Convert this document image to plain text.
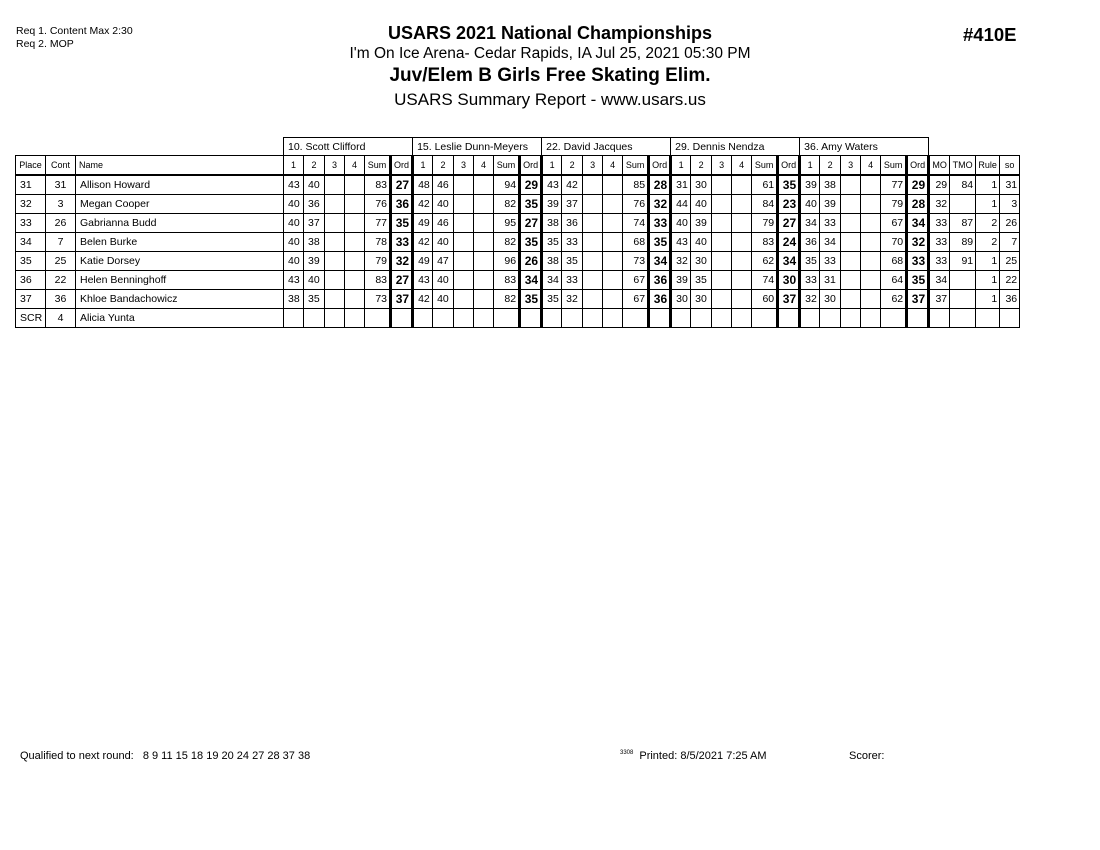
Req 1. Content Max 2:30
Req 2. MOP
USARS 2021 National Championships
I'm On Ice Arena- Cedar Rapids, IA Jul 25, 2021 05:30 PM
Juv/Elem B Girls Free Skating Elim.
USARS Summary Report - www.usars.us
#410E
			10. Scott Clifford						15. Leslie Dunn-Meyers						22. David Jacques						29. Dennis Nendza						36. Amy Waters									
Place	Cont	Name	1	2	3	4	Sum	Ord	1	2	3	4	Sum	Ord	1	2	3	4	Sum	Ord	1	2	3	4	Sum	Ord	1	2	3	4	Sum	Ord	MO	TMO	Rule	so
31	31	Allison Howard	43	40			83	27	48	46			94	29	43	42			85	28	31	30			61	35	39	38			77	29	29	84	1	31
32	3	Megan Cooper	40	36			76	36	42	40			82	35	39	37			76	32	44	40			84	23	40	39			79	28	32		1	3
33	26	Gabrianna Budd	40	37			77	35	49	46			95	27	38	36			74	33	40	39			79	27	34	33			67	34	33	87	2	26
34	7	Belen Burke	40	38			78	33	42	40			82	35	35	33			68	35	43	40			83	24	36	34			70	32	33	89	2	7
35	25	Katie Dorsey	40	39			79	32	49	47			96	26	38	35			73	34	32	30			62	34	35	33			68	33	33	91	1	25
36	22	Helen Benninghoff	43	40			83	27	43	40			83	34	34	33			67	36	39	35			74	30	33	31			64	35	34		1	22
37	36	Khloe Bandachowicz	38	35			73	37	42	40			82	35	35	32			67	36	30	30			60	37	32	30			62	37	37		1	36
SCR	4	Alicia Yunta																																		
Qualified to next round: 8 9 11 15 18 19 20 24 27 28 37 38	$^{3308}$ Printed: 8/5/2021 7:25 AM	Scorer:
